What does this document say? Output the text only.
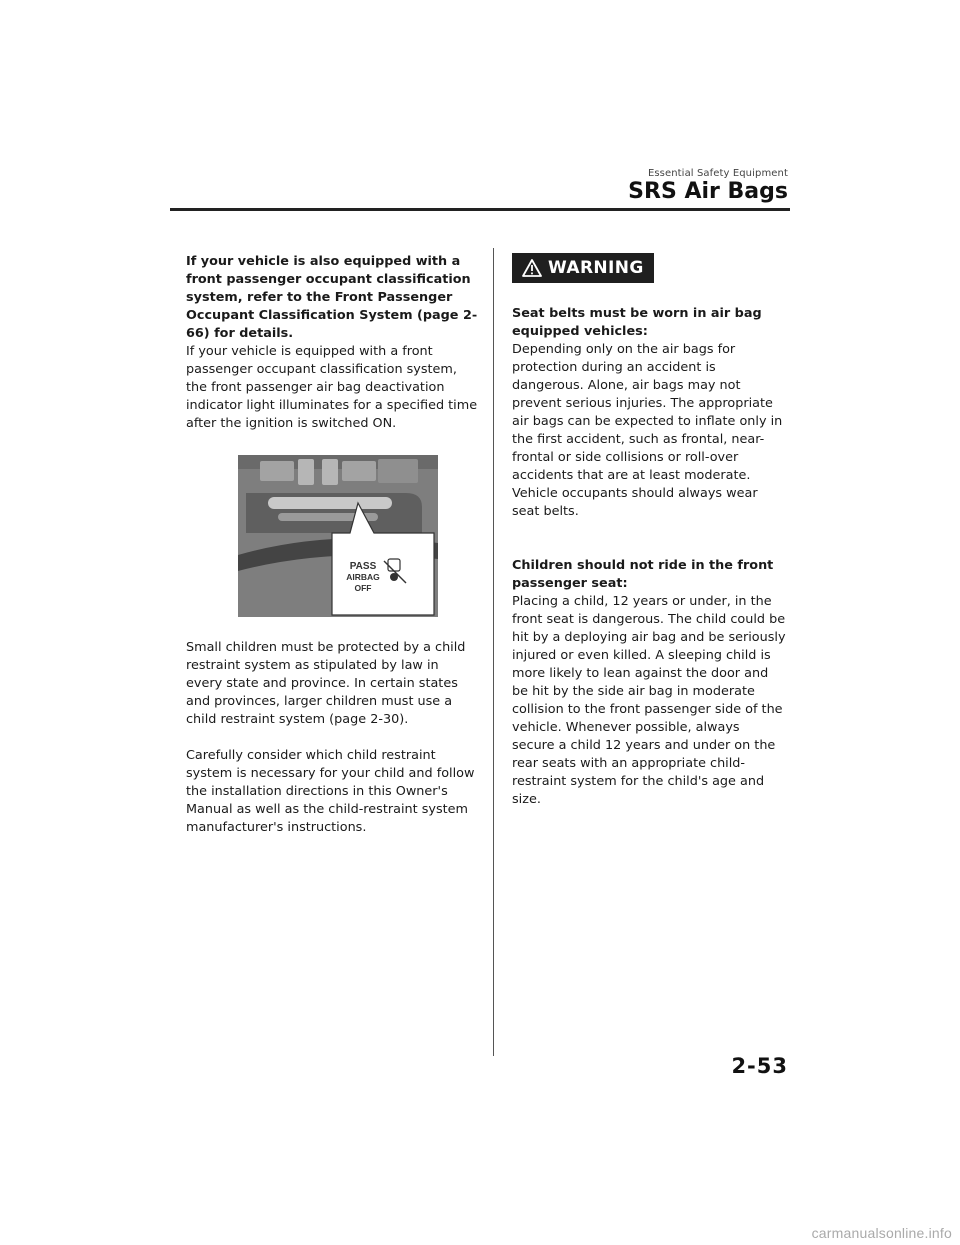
Essential Safety Equipment
SRS Air Bags

If your vehicle is also equipped with a front passenger occupant classification system, refer to the Front Passenger Occupant Classification System (page 2-66) for details.

If your vehicle is equipped with a front passenger occupant classification system, the front passenger air bag deactivation indicator light illuminates for a specified time after the ignition is switched ON.

PASS
AIRBAG OFF

Small children must be protected by a child restraint system as stipulated by law in every state and province. In certain states and provinces, larger children must use a child restraint system (page 2-30).

Carefully consider which child restraint system is necessary for your child and follow the installation directions in this Owner's Manual as well as the child-restraint system manufacturer's instructions.

WARNING

Seat belts must be worn in air bag equipped vehicles:

Depending only on the air bags for protection during an accident is dangerous. Alone, air bags may not prevent serious injuries. The appropriate air bags can be expected to inflate only in the first accident, such as frontal, near-frontal or side collisions or roll-over accidents that are at least moderate. Vehicle occupants should always wear seat belts.

Children should not ride in the front passenger seat:

Placing a child, 12 years or under, in the front seat is dangerous. The child could be hit by a deploying air bag and be seriously injured or even killed. A sleeping child is more likely to lean against the door and be hit by the side air bag in moderate collision to the front passenger side of the vehicle. Whenever possible, always secure a child 12 years and under on the rear seats with an appropriate child-restraint system for the child's age and size.

2-53
carmanualsonline.info
